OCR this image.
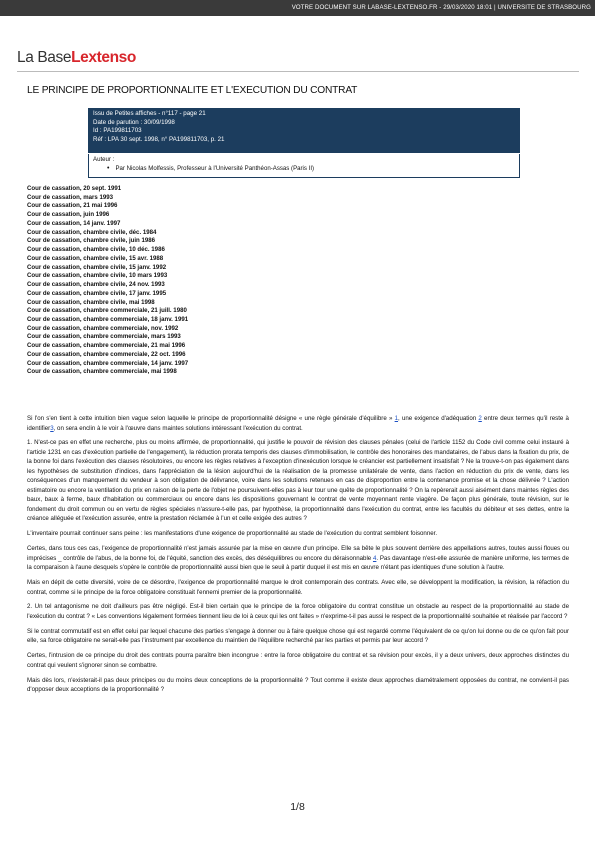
VOTRE DOCUMENT SUR LABASE-LEXTENSO.FR - 29/03/2020 18:01 | UNIVERSITE DE STRASBOURG
La BaseLextenso
LE PRINCIPE DE PROPORTIONNALITE ET L'EXECUTION DU CONTRAT
Issu de Petites affiches - n°117 - page 21
Date de parution : 30/09/1998
Id : PA199811703
Réf : LPA 30 sept. 1998, n° PA199811703, p. 21
Auteur :
• Par Nicolas Molfessis, Professeur à l'Université Panthéon-Assas (Paris II)
Cour de cassation, 20 sept. 1991
Cour de cassation, mars 1993
Cour de cassation, 21 mai 1996
Cour de cassation, juin 1996
Cour de cassation, 14 janv. 1997
Cour de cassation, chambre civile, déc. 1984
Cour de cassation, chambre civile, juin 1986
Cour de cassation, chambre civile, 10 déc. 1986
Cour de cassation, chambre civile, 15 avr. 1988
Cour de cassation, chambre civile, 15 janv. 1992
Cour de cassation, chambre civile, 10 mars 1993
Cour de cassation, chambre civile, 24 nov. 1993
Cour de cassation, chambre civile, 17 janv. 1995
Cour de cassation, chambre civile, mai 1998
Cour de cassation, chambre commerciale, 21 juill. 1980
Cour de cassation, chambre commerciale, 18 janv. 1991
Cour de cassation, chambre commerciale, nov. 1992
Cour de cassation, chambre commerciale, mars 1993
Cour de cassation, chambre commerciale, 21 mai 1996
Cour de cassation, chambre commerciale, 22 oct. 1996
Cour de cassation, chambre commerciale, 14 janv. 1997
Cour de cassation, chambre commerciale, mai 1998

Si l'on s'en tient à cette intuition bien vague selon laquelle le principe de proportionnalité désigne « une règle générale d'équilibre » 1, une exigence d'adéquation 2 entre deux termes qu'il reste à identifier3, on sera enclin à le voir à l'œuvre dans maintes solutions intéressant l'exécution du contrat.

1. N'est-ce pas en effet une recherche, plus ou moins affirmée, de proportionnalité, qui justifie le pouvoir de révision des clauses pénales (celui de l'article 1152 du Code civil comme celui instauré à l'article 1231 en cas d'exécution partielle de l'engagement), la réduction prorata temporis des clauses d'immobilisation, le contrôle des honoraires des mandataires, de l'abus dans la fixation du prix, de la bonne foi dans l'exécution des clauses résolutoires, ou encore les règles relatives à l'exception d'inexécution lorsque le créancier est partiellement insatisfait ? Ne la trouve-t-on pas également dans les hypothèses de substitution d'indices, dans l'appréciation de la lésion aujourd'hui de la réalisation de la promesse unilatérale de vente, dans l'action en réduction du prix de vente, dans les conséquences d'un manquement du vendeur à son obligation de délivrance, voire dans les solutions retenues en cas de disproportion entre la contenance promise et la chose délivrée ? L'action estimatoire ou encore la ventilation du prix en raison de la perte de l'objet ne poursuivent-elles pas à leur tour une quête de proportionnalité ? On la repèrerait aussi aisément dans maintes règles des baux, baux à ferme, baux d'habitation ou commerciaux ou encore dans les dispositions gouvernant le contrat de vente moyennant rente viagère. De façon plus générale, toute révision, sur le fondement du droit commun ou en vertu de règles spéciales n'assure-t-elle pas, par hypothèse, la proportionnalité dans l'exécution du contrat, entre les facultés du débiteur et ses dettes, entre la créance alléguée et l'exécution assurée, entre la prestation réclamée à l'un et celle exigée des autres ?

L'inventaire pourrait continuer sans peine : les manifestations d'une exigence de proportionnalité au stade de l'exécution du contrat semblent foisonner.

Certes, dans tous ces cas, l'exigence de proportionnalité n'est jamais assurée par la mise en œuvre d'un principe. Elle sa bête le plus souvent derrière des appellations autres, toutes aussi floues ou imprécises _ contrôle de l'abus, de la bonne foi, de l'équité, sanction des excès, des déséquilibres ou encore du déraisonnable 4. Pas davantage n'est-elle assurée de manière uniforme, les termes de la comparaison à l'aune desquels s'opère le contrôle de proportionnalité aussi bien que le seuil à partir duquel il est mis en œuvre n'étant pas identiques d'une solution à l'autre.

Mais en dépit de cette diversité, voire de ce désordre, l'exigence de proportionnalité marque le droit contemporain des contrats. Avec elle, se développent la modification, la révision, la réfaction du contrat, comme si le principe de la force obligatoire constituait l'ennemi premier de la proportionnalité.

2. Un tel antagonisme ne doit d'ailleurs pas être négligé. Est-il bien certain que le principe de la force obligatoire du contrat constitue un obstacle au respect de la proportionnalité au stade de l'exécution du contrat ? « Les conventions légalement formées tiennent lieu de loi à ceux qui les ont faites » n'exprime-t-il pas aussi le respect de la proportionnalité souhaitée et réalisée par l'accord ?

Si le contrat commutatif est en effet celui par lequel chacune des parties s'engage à donner ou à faire quelque chose qui est regardé comme l'équivalent de ce qu'on lui donne ou de ce qu'on fait pour elle, sa force obligatoire ne serait-elle pas l'instrument par excellence du maintien de l'équilibre recherché par les parties et permis par leur accord ?

Certes, l'intrusion de ce principe du droit des contrats pourra paraître bien incongrue : entre la force obligatoire du contrat et sa révision pour excès, il y a deux univers, deux approches distinctes du contrat qui veulent s'ignorer sinon se combattre.

Mais dès lors, n'existerait-il pas deux principes ou du moins deux conceptions de la proportionnalité ? Tout comme il existe deux approches diamétralement opposées du contrat, ne convient-il pas d'opposer deux acceptions de la proportionnalité ?

1/8
